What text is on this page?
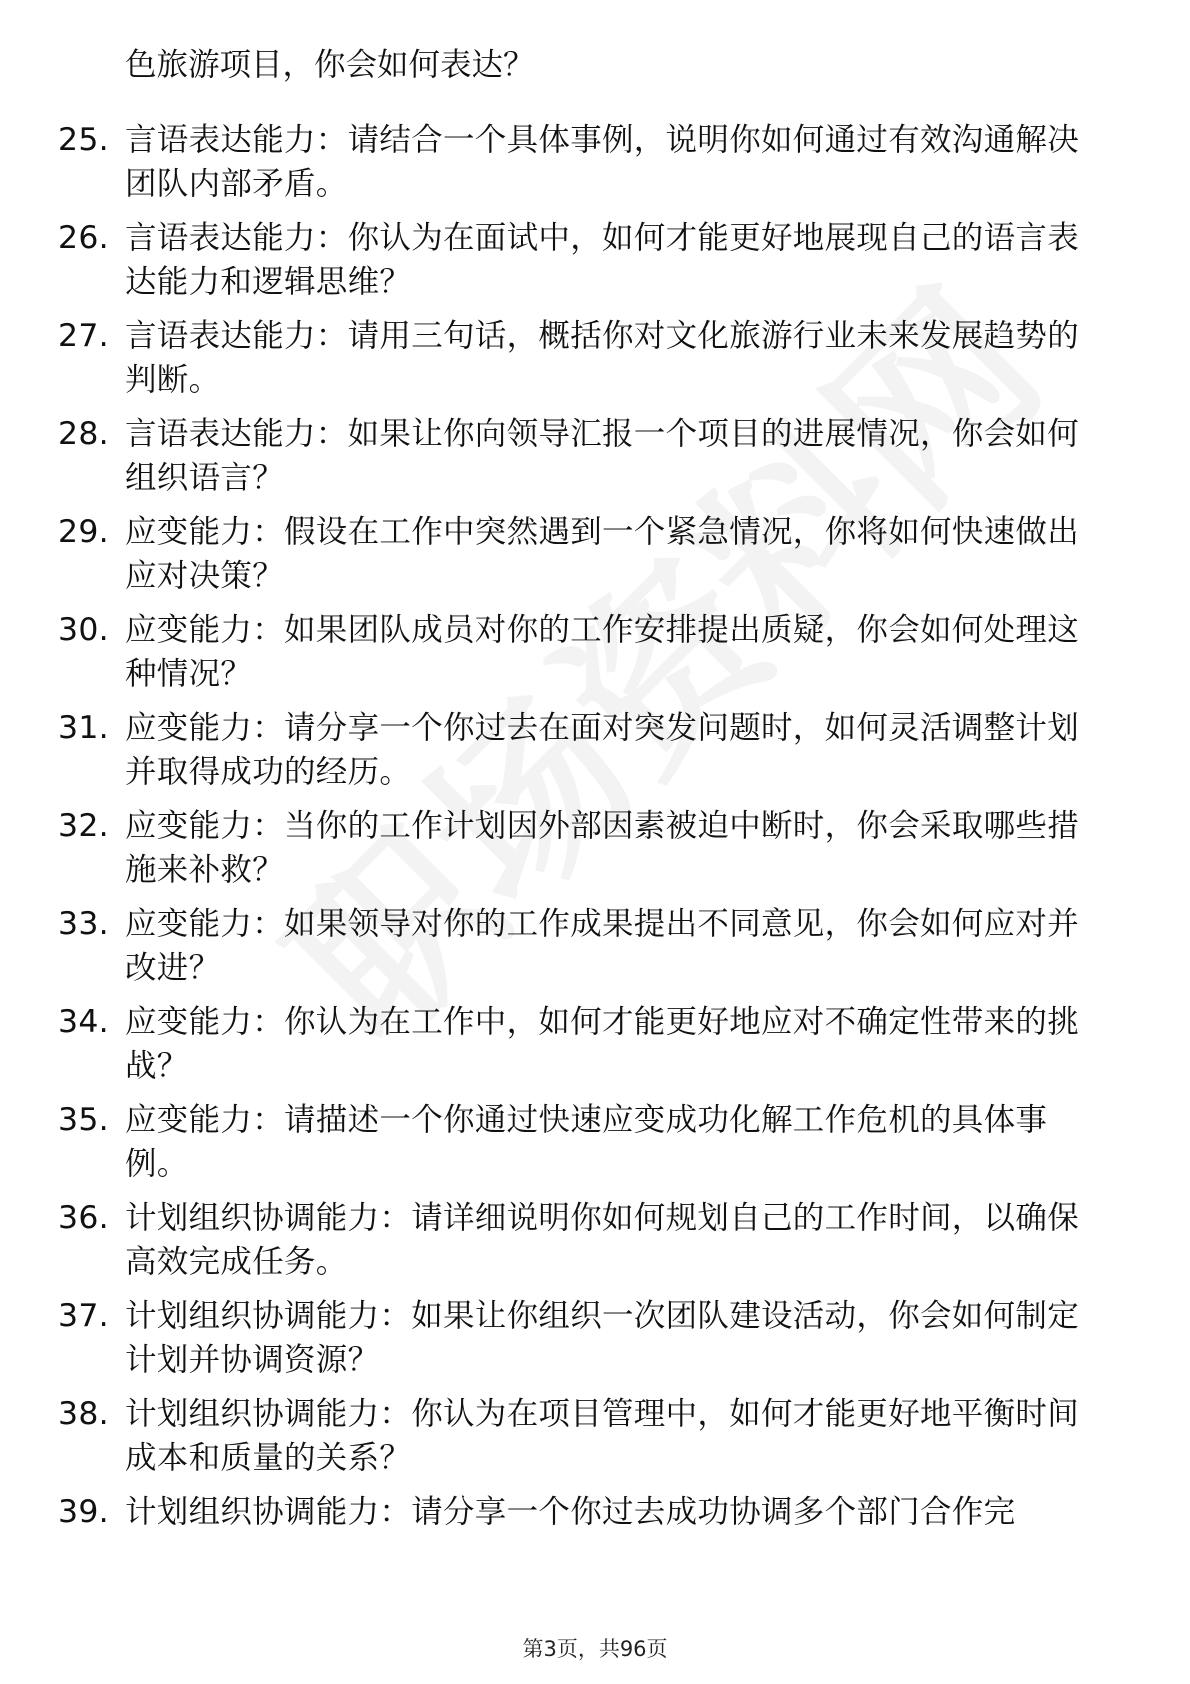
色旅游项目，你会如何表达？

25. 言语表达能力：请结合一个具体事例，说明你如何通过有效沟通解决团队内部矛盾。
26. 言语表达能力：你认为在面试中，如何才能更好地展现自己的语言表达能力和逻辑思维？
27. 言语表达能力：请用三句话，概括你对文化旅游行业未来发展趋势的判断。
28. 言语表达能力：如果让你向领导汇报一个项目的进展情况，你会如何组织语言？
29. 应变能力：假设在工作中突然遇到一个紧急情况，你将如何快速做出应对决策？
30. 应变能力：如果团队成员对你的工作安排提出质疑，你会如何处理这种情况？
31. 应变能力：请分享一个你过去在面对突发问题时，如何灵活调整计划并取得成功的经历。
32. 应变能力：当你的工作计划因外部因素被迫中断时，你会采取哪些措施来补救？
33. 应变能力：如果领导对你的工作成果提出不同意见，你会如何应对并改进？
34. 应变能力：你认为在工作中，如何才能更好地应对不确定性带来的挑战？
35. 应变能力：请描述一个你通过快速应变成功化解工作危机的具体事例。
36. 计划组织协调能力：请详细说明你如何规划自己的工作时间，以确保高效完成任务。
37. 计划组织协调能力：如果让你组织一次团队建设活动，你会如何制定计划并协调资源？
38. 计划组织协调能力：你认为在项目管理中，如何才能更好地平衡时间成本和质量的关系？
39. 计划组织协调能力：请分享一个你过去成功协调多个部门合作完
第3页，共96页
